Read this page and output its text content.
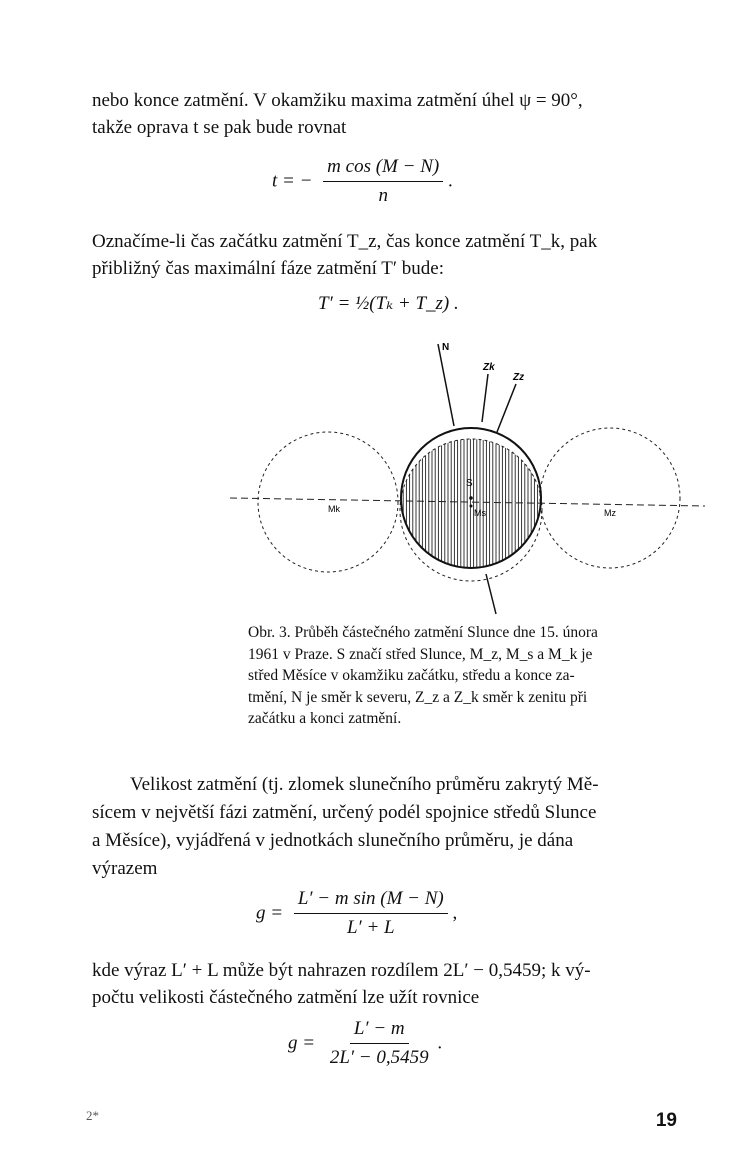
nebo konce zatmění. V okamžiku maxima zatmění úhel ψ = 90°,
takže oprava t se pak bude rovnat
t = − $\frac{\text{m cos (M − N)}}{n}$ .
Označíme-li čas začátku zatmění T_z, čas konce zatmění T_k, pak
přibližný čas maximální fáze zatmění T′ bude:
T′ = ½(Tₖ + T_z) .
N
Zk
Zz
S
Mk	Ms	Mz
Obr. 3. Průběh částečného zatmění Slunce dne 15. února
1961 v Praze. S značí střed Slunce, M_z, M_s a M_k je
střed Měsíce v okamžiku začátku, středu a konce za-
tmění, N je směr k severu, Z_z a Z_k směr k zenitu při
začátku a konci zatmění.
Velikost zatmění (tj. zlomek slunečního průměru zakrytý Mě-
sícem v největší fázi zatmění, určený podél spojnice středů Slunce
a Měsíce), vyjádřená v jednotkách slunečního průměru, je dána
výrazem
$g = \frac{\text{L′ − m sin (M − N)}}{L' + L}$ ,
kde výraz L′ + L může být nahrazen rozdílem 2L′ − 0,5459; k vý-
počtu velikosti částečného zatmění lze užít rovnice
$g = \frac{L' - m}{2L' - 0,5459}$ .
2*	19
